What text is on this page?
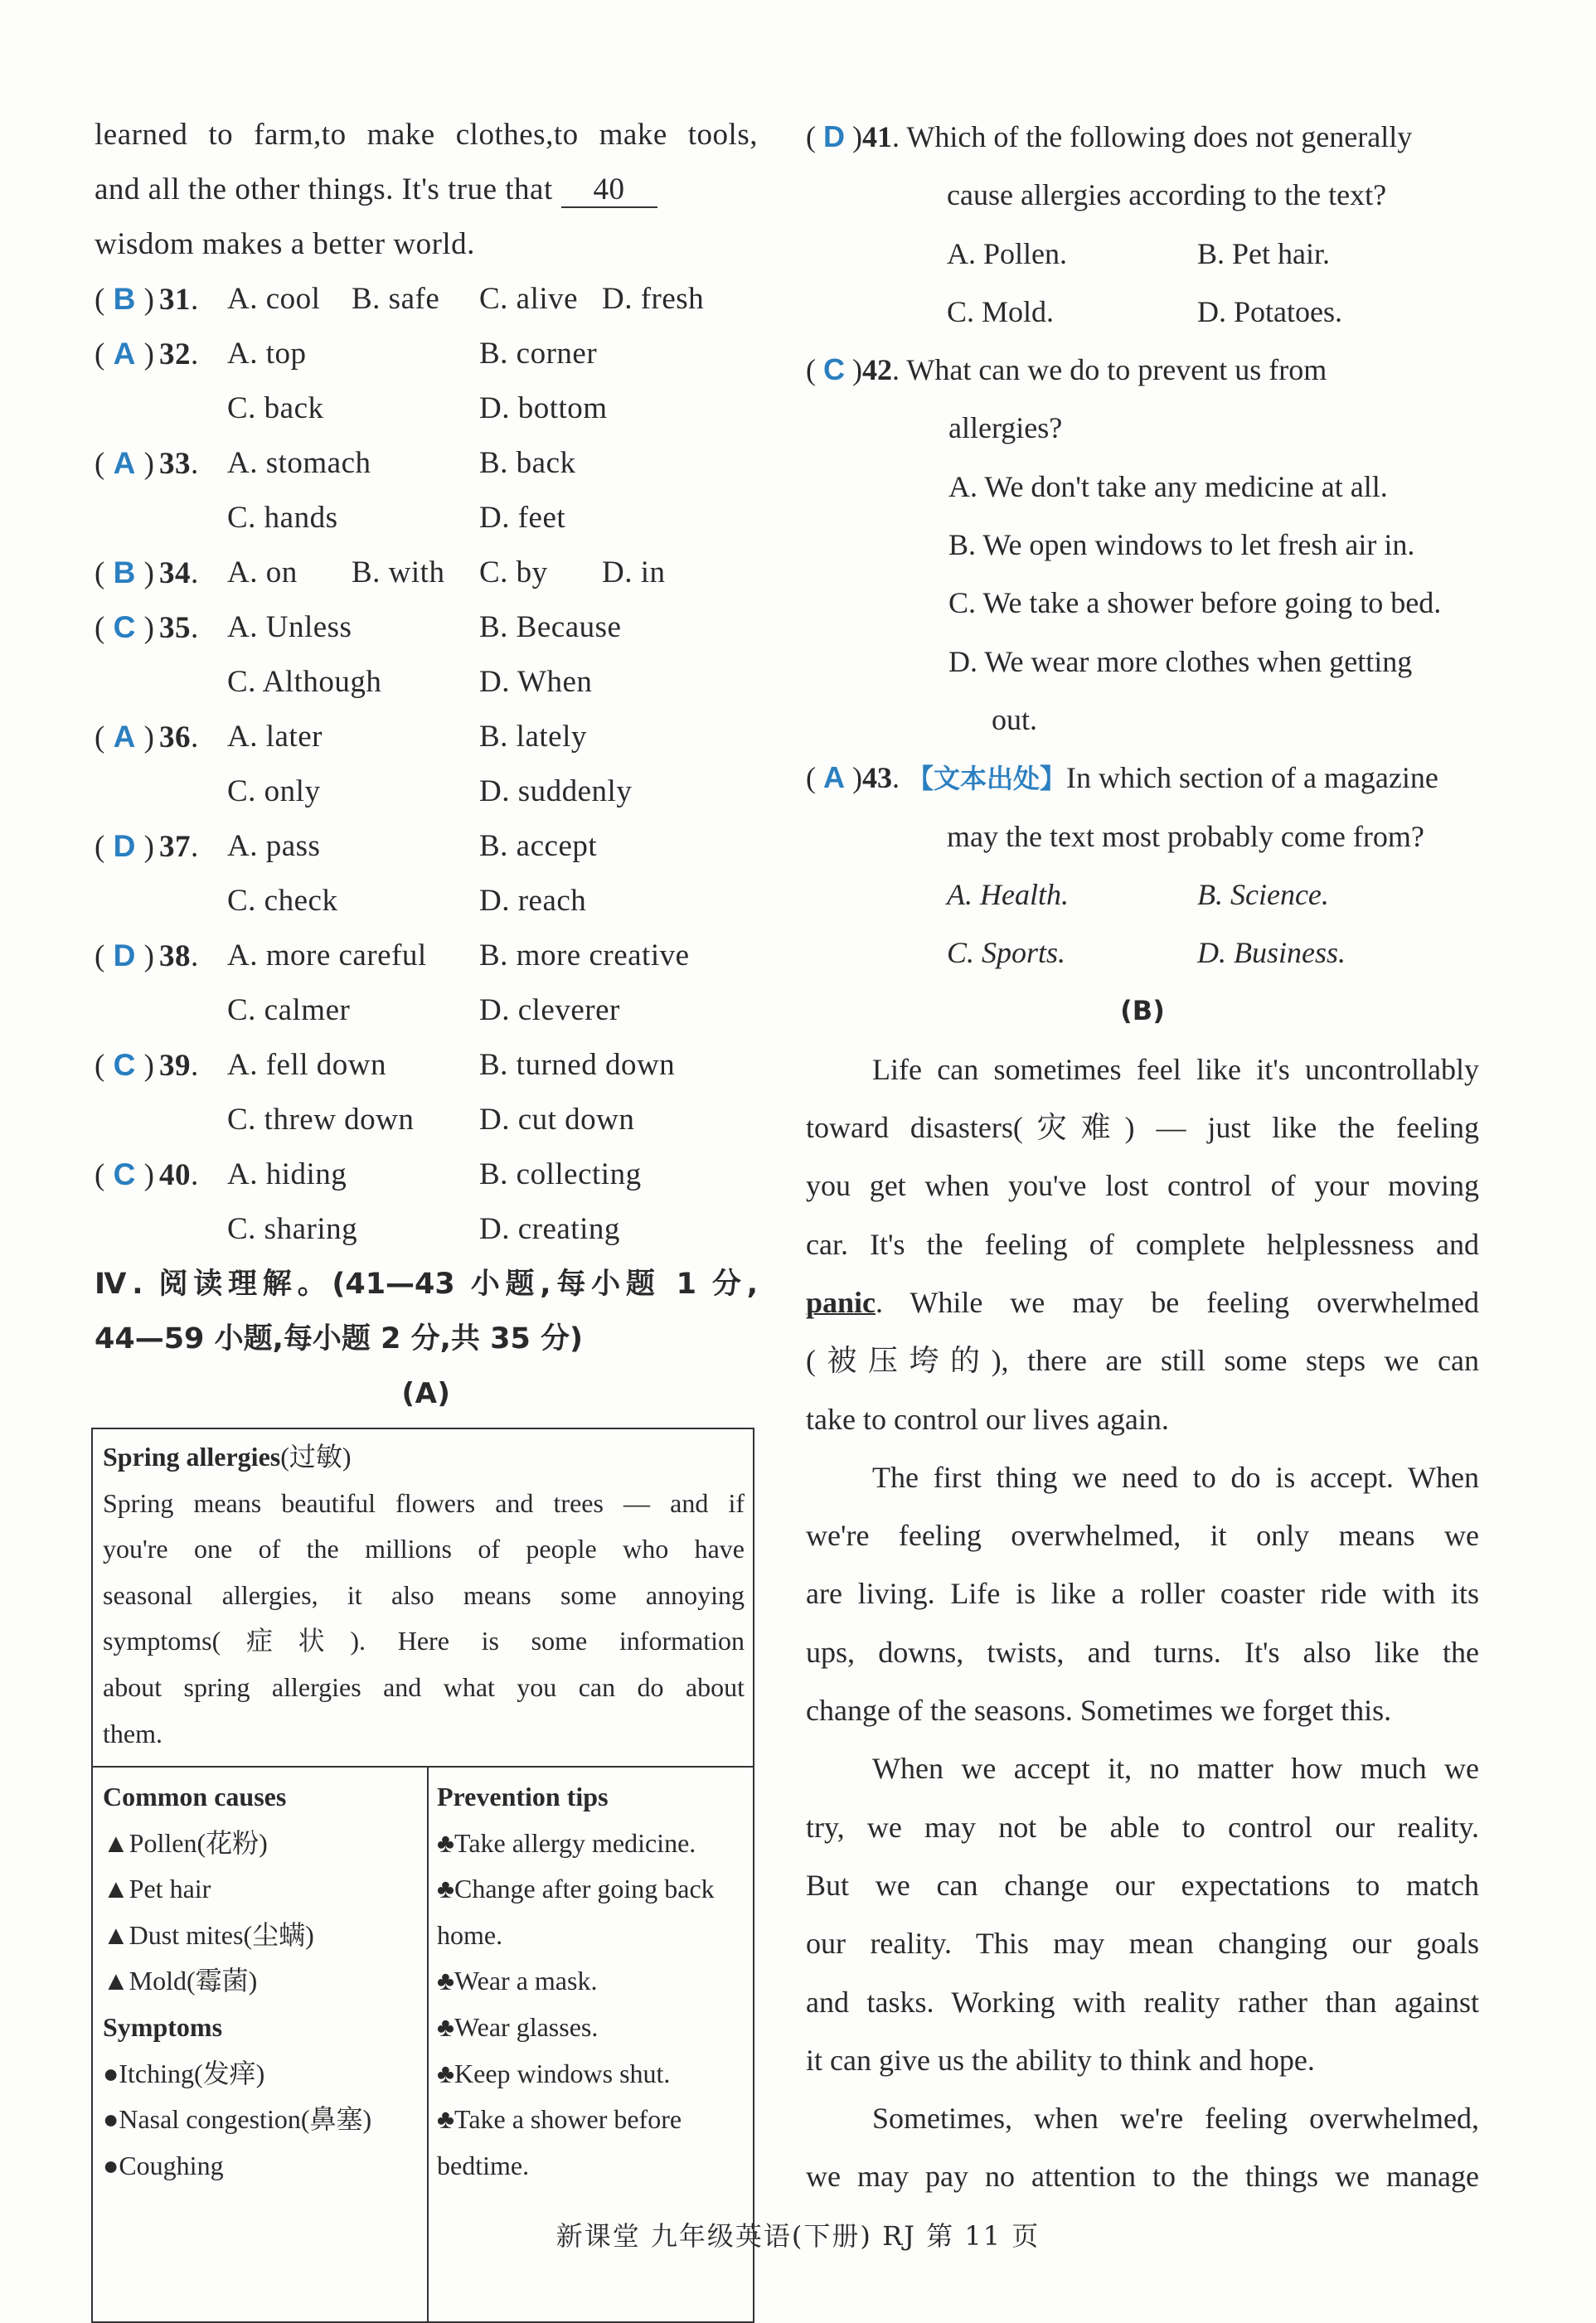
learned to farm,to make clothes,to make tools,
and all the other things. It's true that 40
wisdom makes a better world.
( B ) 31. A. cool B. safe C. alive D. fresh
( A ) 32. A. top	B. corner
C. back	D. bottom
( A ) 33. A. stomach	B. back
C. hands	D. feet
( B ) 34. A. on B. with C. by D. in
( C ) 35. A. Unless	B. Because
C. Although	D. When
( A ) 36. A. later	B. lately
C. only	D. suddenly
( D ) 37. A. pass	B. accept
C. check	D. reach
( D ) 38. A. more careful B. more creative
C. calmer	D. cleverer
( C ) 39. A. fell down	B. turned down
C. threw down D. cut down
( C ) 40. A. hiding	B. collecting
C. sharing	D. creating
Ⅳ. 阅读理解。(41—43 小题,每小题 1 分,
44—59 小题,每小题 2 分,共 35 分)
(A)
Spring allergies(过敏)
Spring means beautiful flowers and trees — and if
you're one of the millions of people who have
seasonal allergies, it also means some annoying
symptoms(症状). Here is some information
about spring allergies and what you can do about
them.
Common causes
▲Pollen(花粉)
▲Pet hair
▲Dust mites(尘螨)
▲Mold(霉菌)
Symptoms
●Itching(发痒)
●Nasal congestion(鼻塞)
●Coughing
Prevention tips
♣Take allergy medicine.
♣Change after going back
home.
♣Wear a mask.
♣Wear glasses.
♣Keep windows shut.
♣Take a shower before
bedtime.
( D )41. Which of the following does not generally
cause allergies according to the text?
A. Pollen.	B. Pet hair.
C. Mold.	D. Potatoes.
( C )42. What can we do to prevent us from
allergies?
A. We don't take any medicine at all.
B. We open windows to let fresh air in.
C. We take a shower before going to bed.
D. We wear more clothes when getting
out.
( A )43. 【文本出处】In which section of a magazine
may the text most probably come from?
A. Health.	B. Science.
C. Sports.	D. Business.
(B)
Life can sometimes feel like it's uncontrollably
toward disasters(灾难) — just like the feeling
you get when you've lost control of your moving
car. It's the feeling of complete helplessness and
panic . While we may be feeling overwhelmed
(被压垮的), there are still some steps we can
take to control our lives again.
The first thing we need to do is accept. When
we're feeling overwhelmed, it only means we
are living. Life is like a roller coaster ride with its
ups, downs, twists, and turns. It's also like the
change of the seasons. Sometimes we forget this.
When we accept it, no matter how much we
try, we may not be able to control our reality.
But we can change our expectations to match
our reality. This may mean changing our goals
and tasks. Working with reality rather than against
it can give us the ability to think and hope.
Sometimes, when we're feeling overwhelmed,
we may pay no attention to the things we manage
新课堂 九年级英语(下册) RJ 第 11 页
